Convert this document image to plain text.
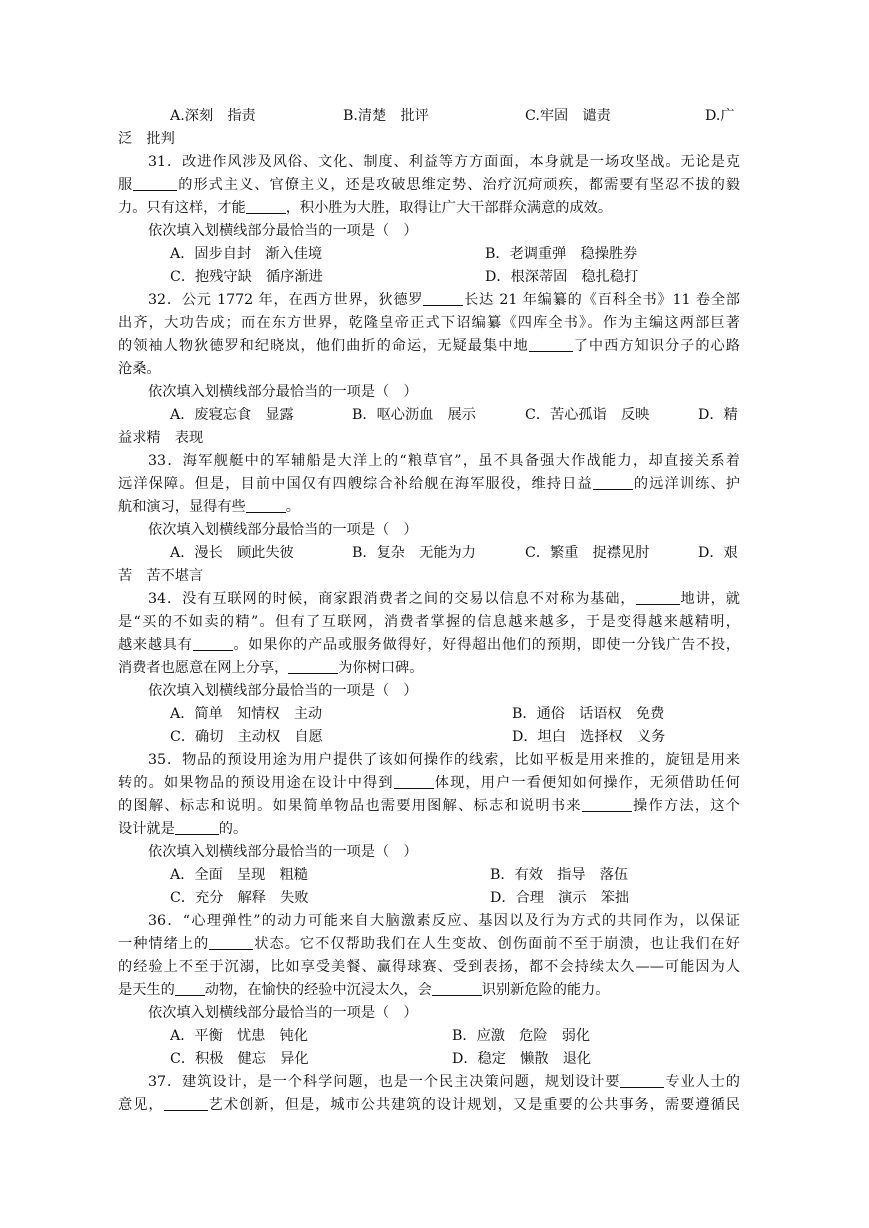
A.深刻　指责	B.清楚　批评	C.牢固　谴责	D.广
泛　批判
31．改进作风涉及风俗、文化、制度、利益等方方面面，本身就是一场攻坚战。无论是克
服	的形式主义、官僚主义，还是攻破思维定势、治疗沉疴顽疾，都需要有坚忍不拔的毅
力。只有这样，才能	，积小胜为大胜，取得让广大干部群众满意的成效。
依次填入划横线部分最恰当的一项是（　）
A．固步自封　渐入佳境	B．老调重弹　稳操胜券
C．抱残守缺　循序渐进	D．根深蒂固　稳扎稳打
32．公元 1772 年，在西方世界，狄德罗	长达 21 年编纂的《百科全书》11 卷全部
出齐，大功告成；而在东方世界，乾隆皇帝正式下诏编纂《四库全书》。作为主编这两部巨著
的领袖人物狄德罗和纪晓岚，他们曲折的命运，无疑最集中地	了中西方知识分子的心路
沧桑。
依次填入划横线部分最恰当的一项是（　）
A．废寝忘食　显露	B．呕心沥血　展示	C．苦心孤诣　反映	D．精
益求精　表现
33．海军舰艇中的军辅船是大洋上的“粮草官”，虽不具备强大作战能力，却直接关系着
远洋保障。但是，目前中国仅有四艘综合补给舰在海军服役，维持日益	的远洋训练、护
航和演习，显得有些	。
依次填入划横线部分最恰当的一项是（　）
A．漫长　顾此失彼	B．复杂　无能为力	C．繁重　捉襟见肘	D．艰
苦　苦不堪言
34．没有互联网的时候，商家跟消费者之间的交易以信息不对称为基础，	地讲，就
是“买的不如卖的精”。但有了互联网，消费者掌握的信息越来越多，于是变得越来越精明，
越来越具有	。如果你的产品或服务做得好，好得超出他们的预期，即使一分钱广告不投，
消费者也愿意在网上分享，	为你树口碑。
依次填入划横线部分最恰当的一项是（　）
A．简单　知情权　主动	B．通俗　话语权　免费
C．确切　主动权　自愿	D．坦白　选择权　义务
35．物品的预设用途为用户提供了该如何操作的线索，比如平板是用来推的，旋钮是用来
转的。如果物品的预设用途在设计中得到	体现，用户一看便知如何操作，无须借助任何
的图解、标志和说明。如果简单物品也需要用图解、标志和说明书来	操作方法，这个
设计就是	的。
依次填入划横线部分最恰当的一项是（　）
A．全面　呈现　粗糙	B．有效　指导　落伍
C．充分　解释　失败	D．合理　演示　笨拙
36．“心理弹性”的动力可能来自大脑激素反应、基因以及行为方式的共同作为，以保证
一种情绪上的	状态。它不仅帮助我们在人生变故、创伤面前不至于崩溃，也让我们在好
的经验上不至于沉溺，比如享受美餐、赢得球赛、受到表扬，都不会持续太久——可能因为人
是天生的 动物，在愉快的经验中沉浸太久，会	识别新危险的能力。
依次填入划横线部分最恰当的一项是（　）
A．平衡　忧患　钝化	B．应激　危险　弱化
C．积极　健忘　异化	D．稳定　懒散　退化
37．建筑设计，是一个科学问题，也是一个民主决策问题，规划设计要	专业人士的
意见，	艺术创新，但是，城市公共建筑的设计规划，又是重要的公共事务，需要遵循民
